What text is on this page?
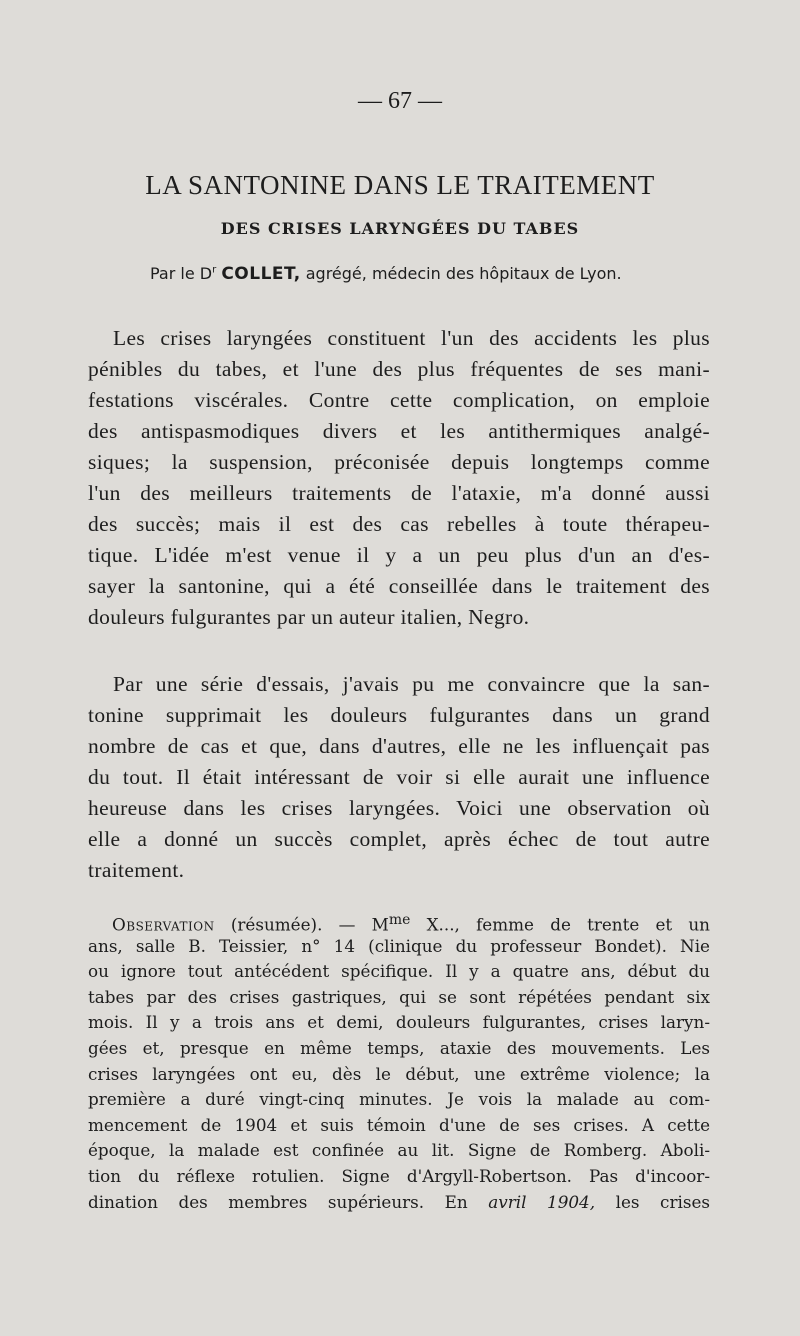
— 67 —
LA SANTONINE DANS LE TRAITEMENT
DES CRISES LARYNGÉES DU TABES
Par le $D^r$ COLLET, agrégé, médecin des hôpitaux de Lyon.
Les crises laryngées constituent l'un des accidents les plus
pénibles du tabes, et l'une des plus fréquentes de ses mani-
festations viscérales. Contre cette complication, on emploie
des antispasmodiques divers et les antithermiques analgé-
siques; la suspension, préconisée depuis longtemps comme
l'un des meilleurs traitements de l'ataxie, m'a donné aussi
des succès; mais il est des cas rebelles à toute thérapeu-
tique. L'idée m'est venue il y a un peu plus d'un an d'es-
sayer la santonine, qui a été conseillée dans le traitement des
douleurs fulgurantes par un auteur italien, Negro.
Par une série d'essais, j'avais pu me convaincre que la san-
tonine supprimait les douleurs fulgurantes dans un grand
nombre de cas et que, dans d'autres, elle ne les influençait pas
du tout. Il était intéressant de voir si elle aurait une influence
heureuse dans les crises laryngées. Voici une observation où
elle a donné un succès complet, après échec de tout autre
traitement.
Observation (résumée). — $M^{me}$ X..., femme de trente et un
ans, salle B. Teissier, n° 14 (clinique du professeur Bondet). Nie
ou ignore tout antécédent spécifique. Il y a quatre ans, début du
tabes par des crises gastriques, qui se sont répétées pendant six
mois. Il y a trois ans et demi, douleurs fulgurantes, crises laryn-
gées et, presque en même temps, ataxie des mouvements. Les
crises laryngées ont eu, dès le début, une extrême violence; la
première a duré vingt-cinq minutes. Je vois la malade au com-
mencement de 1904 et suis témoin d'une de ses crises. A cette
époque, la malade est confinée au lit. Signe de Romberg. Aboli-
tion du réflexe rotulien. Signe d'Argyll-Robertson. Pas d'incoor-
dination des membres supérieurs. En avril 1904, les crises
